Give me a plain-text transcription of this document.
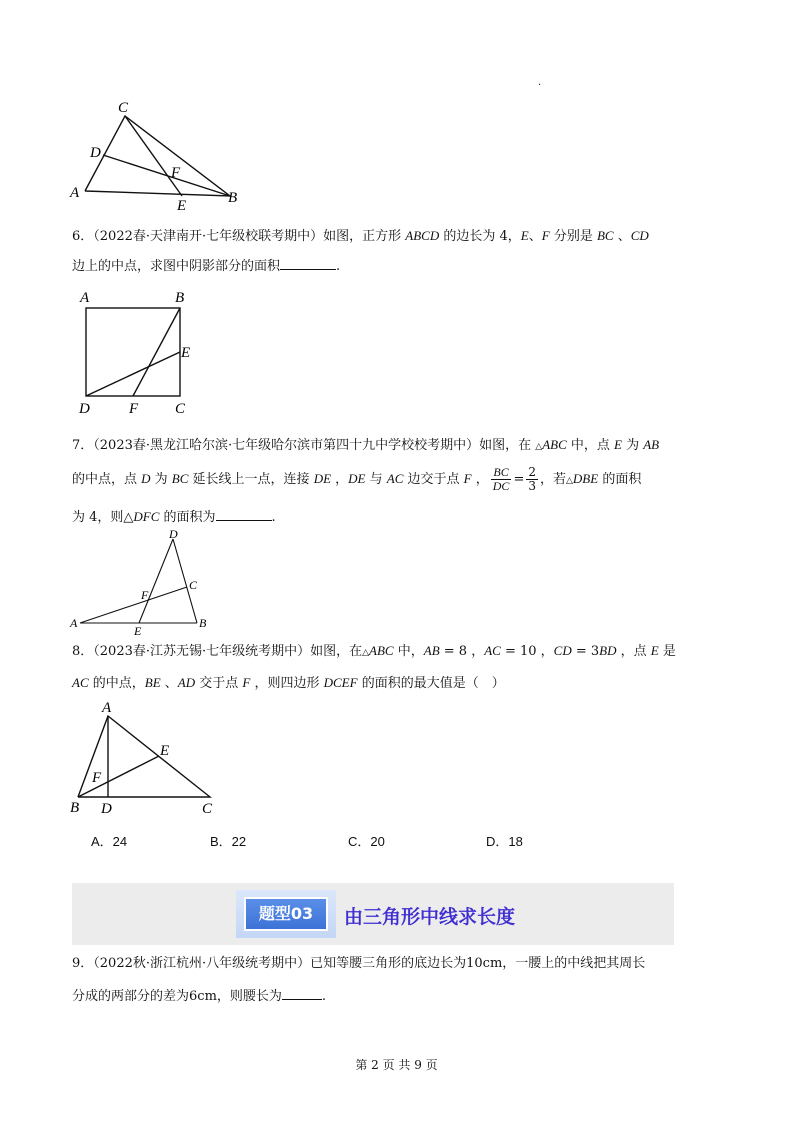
·
C
D
F
A
E	B
6．（2022春·天津南开·七年级校联考期中）如图，正方形 ABCD 的边长为 4，E、F 分别是 BC 、CD
边上的中点，求图中阴影部分的面积	.
A	B
E
D	F C
7．（2023春·黑龙江哈尔滨·七年级哈尔滨市第四十九中学校校考期中）如图，在 △ABC 中，点 E 为 AB
的中点，点 D 为 BC 延长线上一点，连接 DE ，DE 与 AC 边交于点 F ， $\frac{BC}{DC} = \frac{2}{3}$ ，若△DBE 的面积
为 4，则△DFC 的面积为	.
D
C
F
A
E
B
8．（2023春·江苏无锡·七年级统考期中）如图，在△ABC 中，AB = 8 ，AC = 10 ，CD = 3BD ，点 E 是
AC 的中点，BE 、AD 交于点 F ，则四边形 DCEF 的面积的最大值是（　）
A
E
F
B D	C
A．24	B．22	C．20	D．18
题型03	由三角形中线求长度
9．（2022秋·浙江杭州·八年级统考期中）已知等腰三角形的底边长为10cm，一腰上的中线把其周长
分成的两部分的差为6cm，则腰长为	.
第 2 页 共 9 页
